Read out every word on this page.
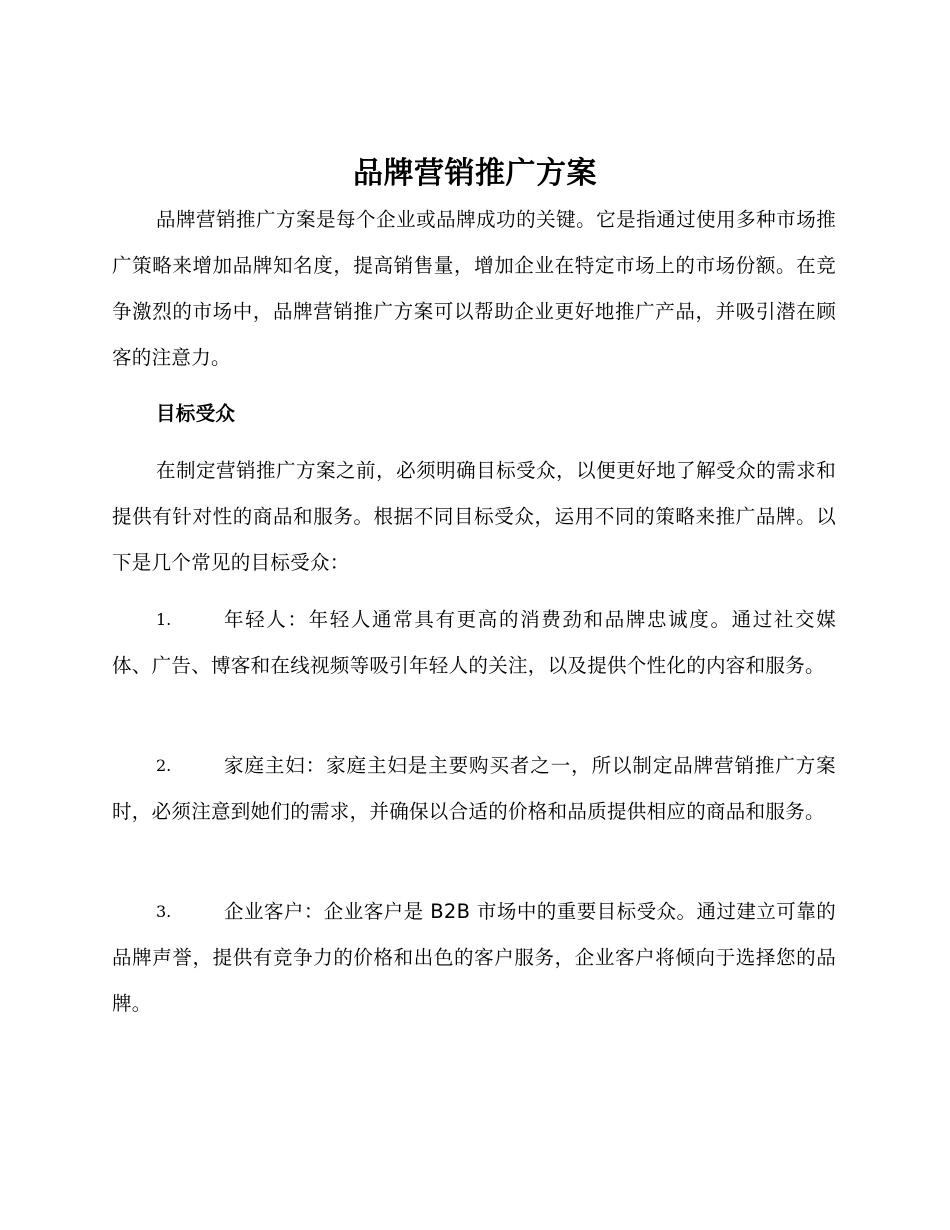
品牌营销推广方案

品牌营销推广方案是每个企业或品牌成功的关键。它是指通过使用多种市场推广策略来增加品牌知名度，提高销售量，增加企业在特定市场上的市场份额。在竞争激烈的市场中，品牌营销推广方案可以帮助企业更好地推广产品，并吸引潜在顾客的注意力。

目标受众

在制定营销推广方案之前，必须明确目标受众，以便更好地了解受众的需求和提供有针对性的商品和服务。根据不同目标受众，运用不同的策略来推广品牌。以下是几个常见的目标受众：

1.	年轻人：年轻人通常具有更高的消费劲和品牌忠诚度。通过社交媒体、广告、博客和在线视频等吸引年轻人的关注，以及提供个性化的内容和服务。

2.	家庭主妇：家庭主妇是主要购买者之一，所以制定品牌营销推广方案时，必须注意到她们的需求，并确保以合适的价格和品质提供相应的商品和服务。

3.	企业客户：企业客户是 B2B 市场中的重要目标受众。通过建立可靠的品牌声誉，提供有竞争力的价格和出色的客户服务，企业客户将倾向于选择您的品牌。
